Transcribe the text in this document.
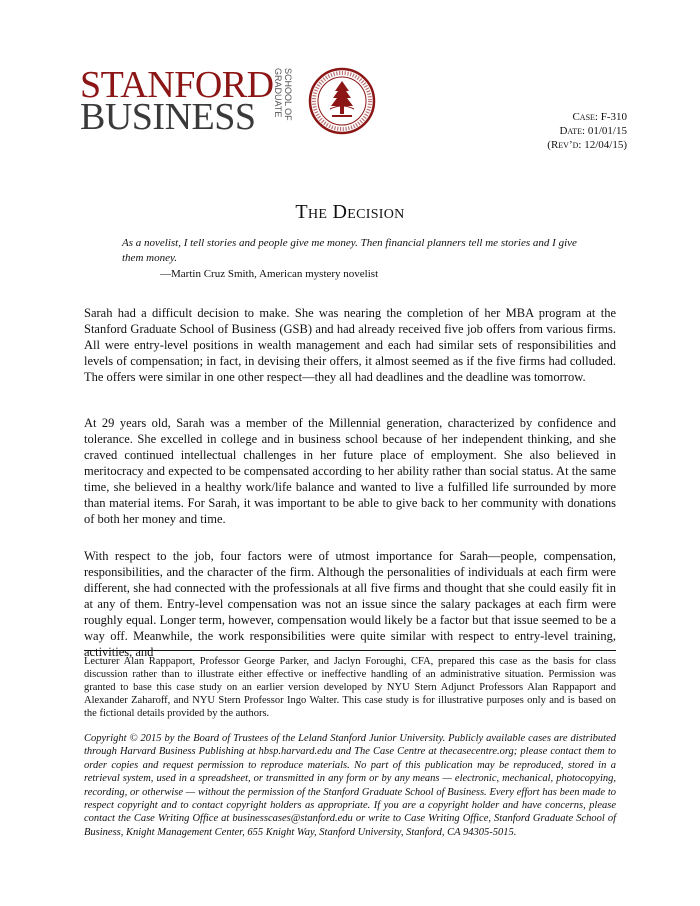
STANFORD
BUSINESS GRADUATE SCHOOL OF	Case: F-310
Date: 01/01/15
(Rev’d: 12/04/15)
The Decision
As a novelist, I tell stories and people give me money. Then financial planners tell me stories and I give them money.
—Martin Cruz Smith, American mystery novelist

Sarah had a difficult decision to make. She was nearing the completion of her MBA program at the Stanford Graduate School of Business (GSB) and had already received five job offers from various firms. All were entry-level positions in wealth management and each had similar sets of responsibilities and levels of compensation; in fact, in devising their offers, it almost seemed as if the five firms had colluded. The offers were similar in one other respect—they all had deadlines and the deadline was tomorrow.

At 29 years old, Sarah was a member of the Millennial generation, characterized by confidence and tolerance. She excelled in college and in business school because of her independent thinking, and she craved continued intellectual challenges in her future place of employment. She also believed in meritocracy and expected to be compensated according to her ability rather than social status. At the same time, she believed in a healthy work/life balance and wanted to live a fulfilled life surrounded by more than material items. For Sarah, it was important to be able to give back to her community with donations of both her money and time.

With respect to the job, four factors were of utmost importance for Sarah—people, compensation, responsibilities, and the character of the firm. Although the personalities of individuals at each firm were different, she had connected with the professionals at all five firms and thought that she could easily fit in at any of them. Entry-level compensation was not an issue since the salary packages at each firm were roughly equal. Longer term, however, compensation would likely be a factor but that issue seemed to be a way off. Meanwhile, the work responsibilities were quite similar with respect to entry-level training, activities, and

Lecturer Alan Rappaport, Professor George Parker, and Jaclyn Foroughi, CFA, prepared this case as the basis for class discussion rather than to illustrate either effective or ineffective handling of an administrative situation. Permission was granted to base this case study on an earlier version developed by NYU Stern Adjunct Professors Alan Rappaport and Alexander Zaharoff, and NYU Stern Professor Ingo Walter. This case study is for illustrative purposes only and is based on the fictional details provided by the authors.

Copyright © 2015 by the Board of Trustees of the Leland Stanford Junior University. Publicly available cases are distributed through Harvard Business Publishing at hbsp.harvard.edu and The Case Centre at thecasecentre.org; please contact them to order copies and request permission to reproduce materials. No part of this publication may be reproduced, stored in a retrieval system, used in a spreadsheet, or transmitted in any form or by any means — electronic, mechanical, photocopying, recording, or otherwise — without the permission of the Stanford Graduate School of Business. Every effort has been made to respect copyright and to contact copyright holders as appropriate. If you are a copyright holder and have concerns, please contact the Case Writing Office at businesscases@stanford.edu or write to Case Writing Office, Stanford Graduate School of Business, Knight Management Center, 655 Knight Way, Stanford University, Stanford, CA 94305-5015.
